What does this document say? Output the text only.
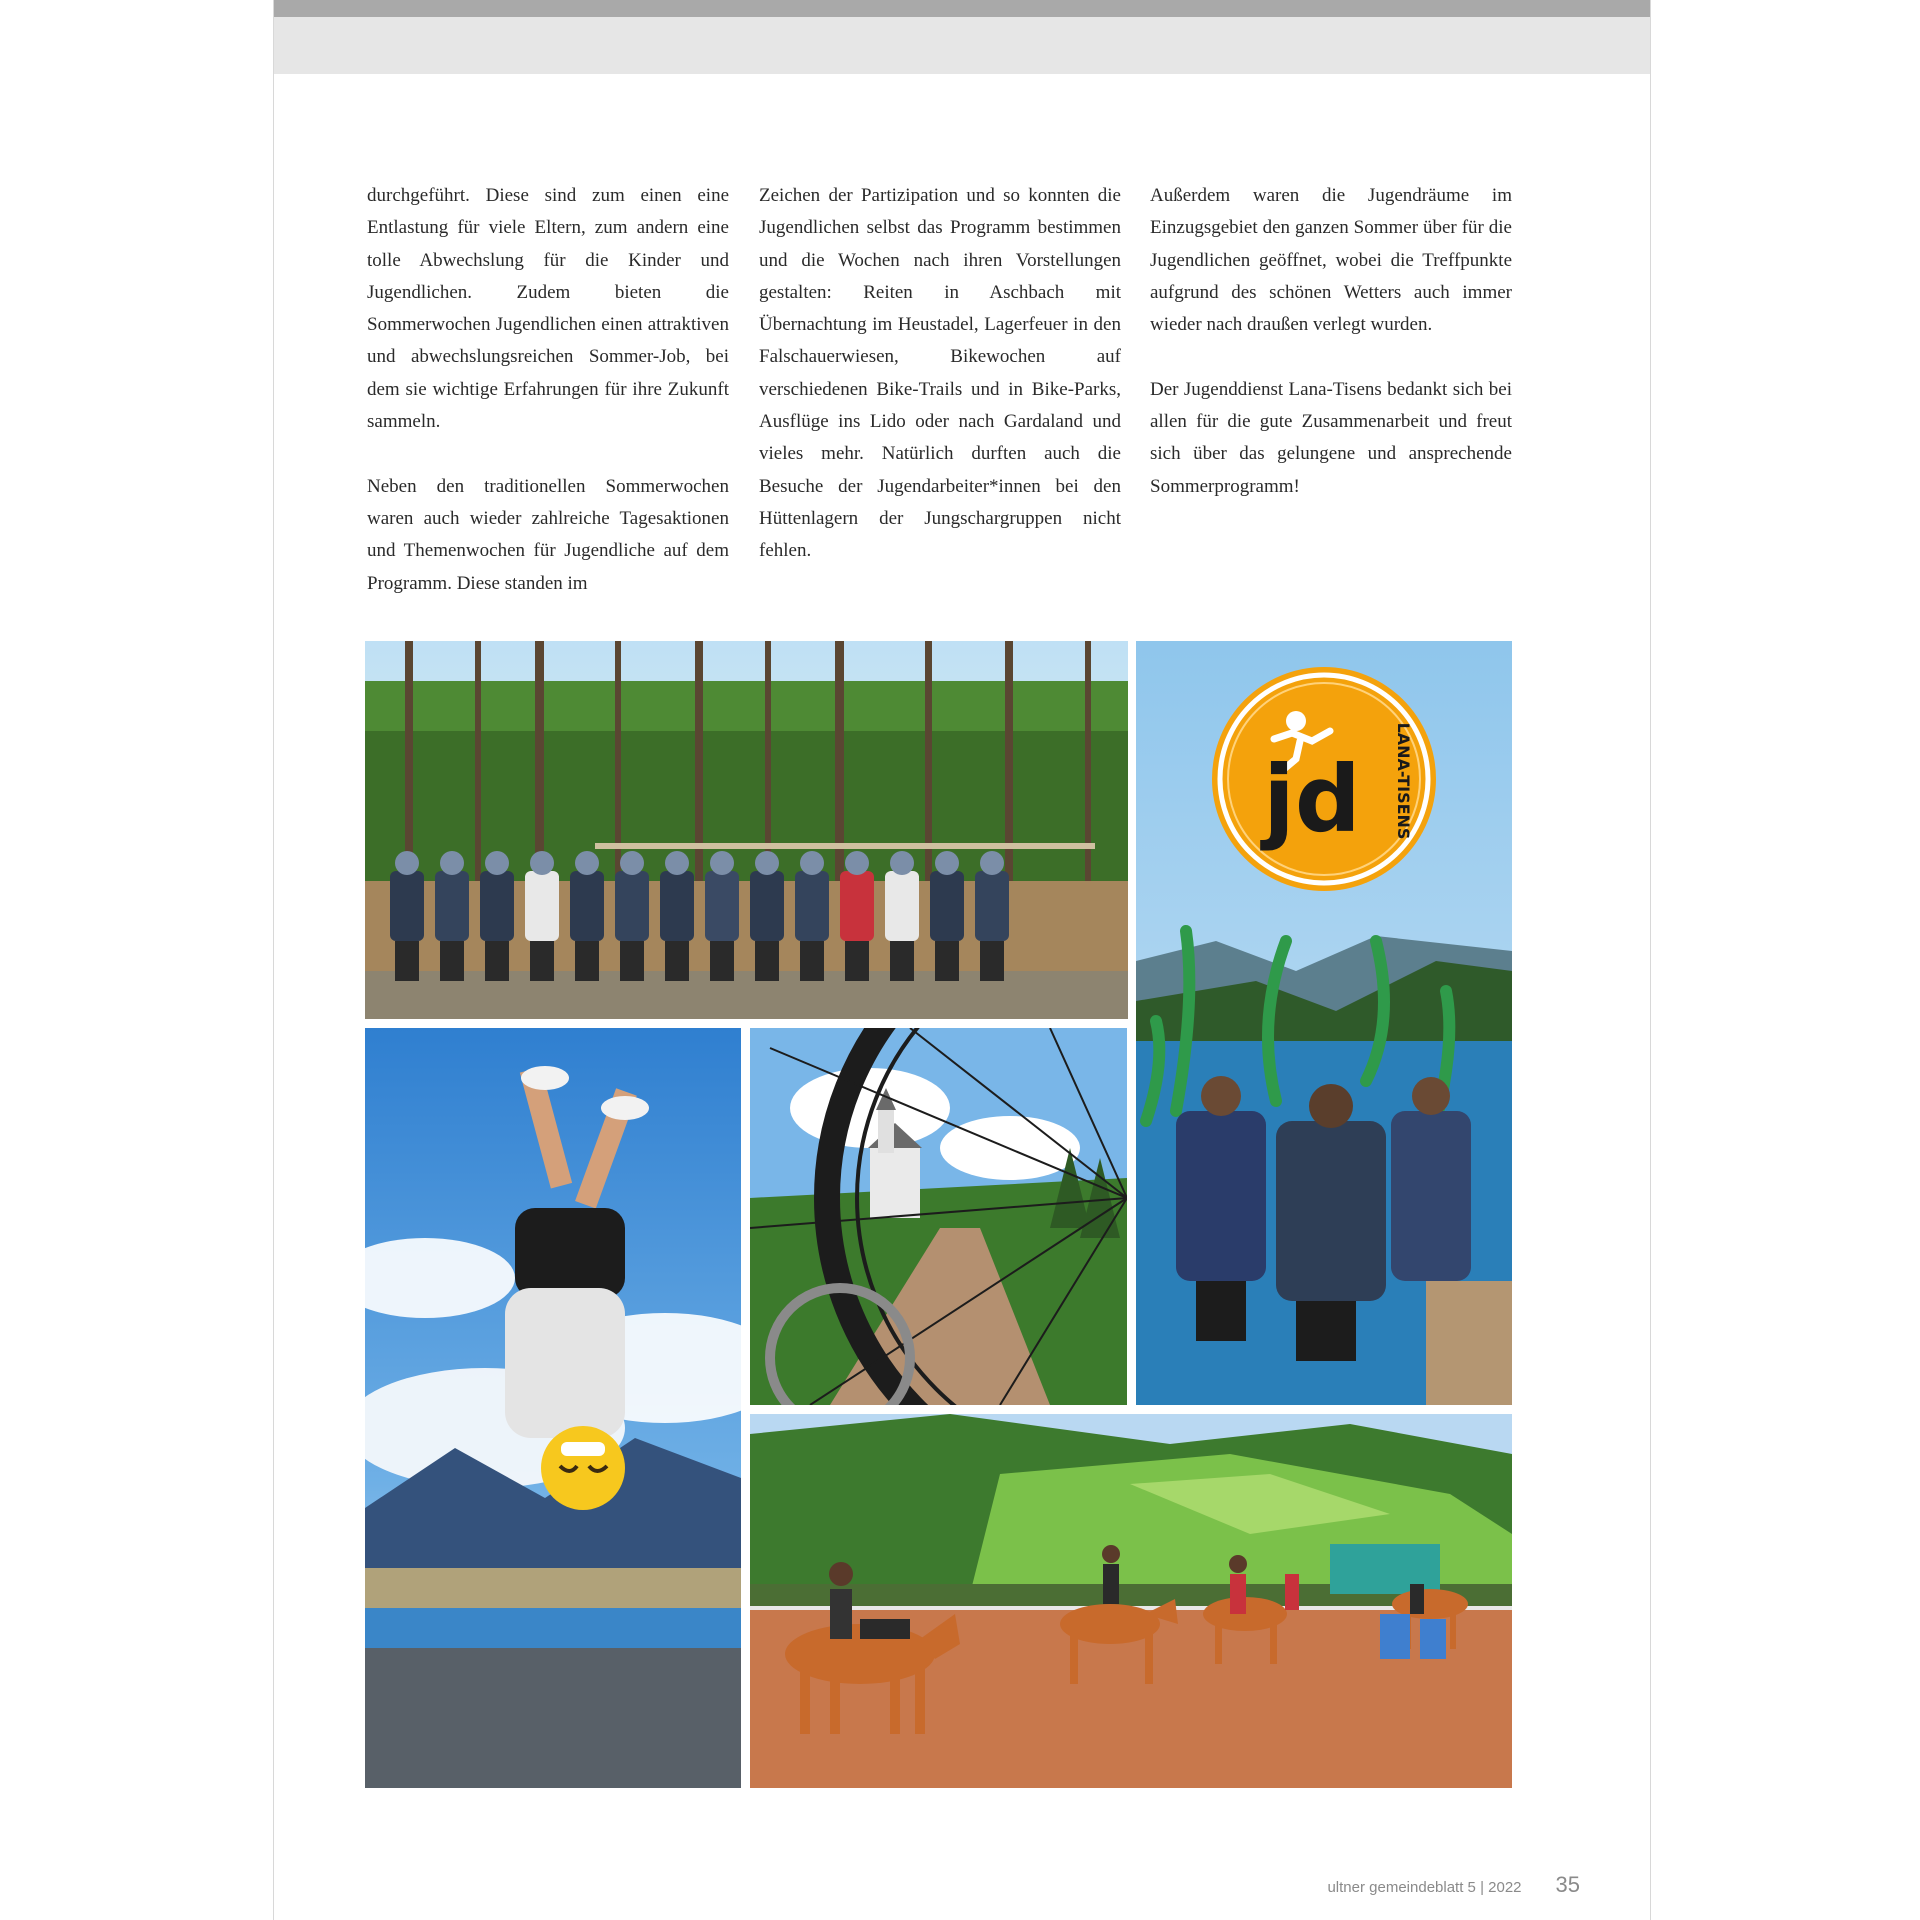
durchgeführt. Diese sind zum einen eine Entlastung für viele Eltern, zum andern eine tolle Abwechslung für die Kinder und Jugendlichen. Zudem bieten die Sommerwochen Jugendlichen einen attraktiven und abwechslungsreichen Sommer-Job, bei dem sie wichtige Erfahrungen für ihre Zukunft sammeln.

Neben den traditionellen Sommerwochen waren auch wieder zahlreiche Tagesaktionen und Themenwochen für Jugendliche auf dem Programm. Diese standen im

Zeichen der Partizipation und so konnten die Jugendlichen selbst das Programm bestimmen und die Wochen nach ihren Vorstellungen gestalten: Reiten in Aschbach mit Übernachtung im Heustadel, Lagerfeuer in den Falschauerwiesen, Bikewochen auf verschiedenen Bike-Trails und in Bike-Parks, Ausflüge ins Lido oder nach Gardaland und vieles mehr. Natürlich durften auch die Besuche der Jugendarbeiter*innen bei den Hüttenlagern der Jungschargruppen nicht fehlen.

Außerdem waren die Jugendräume im Einzugsgebiet den ganzen Sommer über für die Jugendlichen geöffnet, wobei die Treffpunkte aufgrund des schönen Wetters auch immer wieder nach draußen verlegt wurden.

Der Jugenddienst Lana-Tisens bedankt sich bei allen für die gute Zusammenarbeit und freut sich über das gelungene und ansprechende Sommerprogramm!

jd LANA-TISENS
ultner gemeindeblatt 5 | 2022 35
